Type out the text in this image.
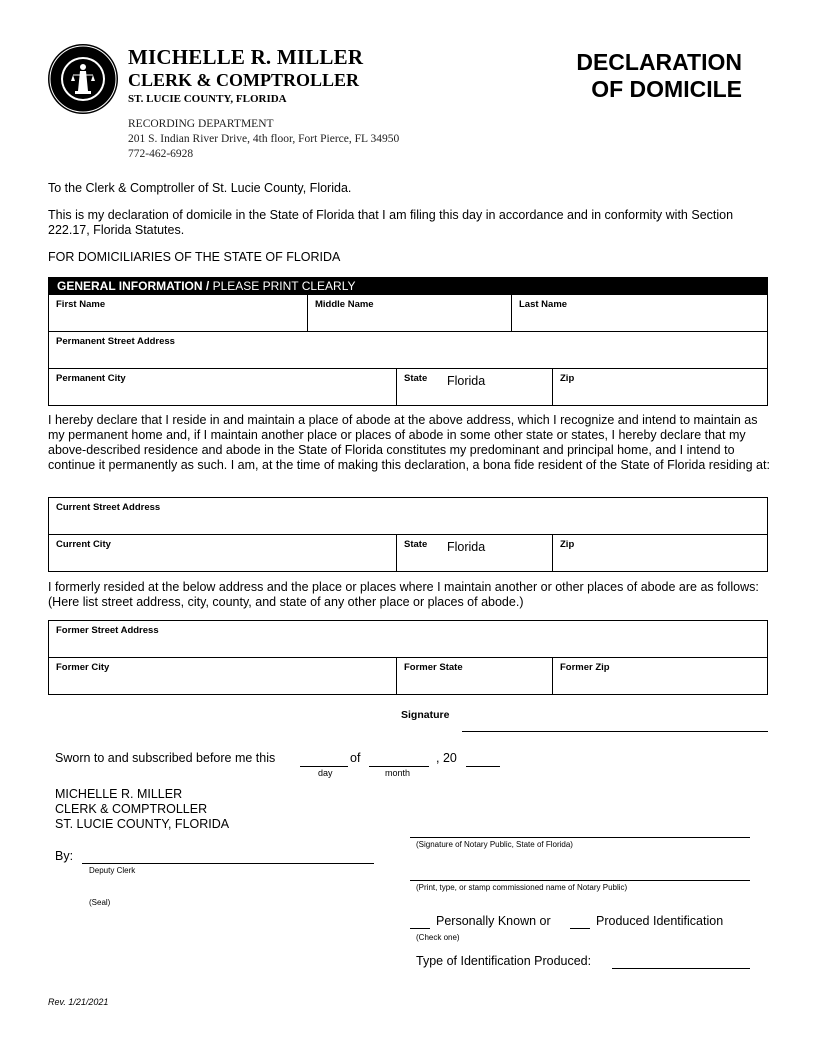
MICHELLE R. MILLER
CLERK & COMPTROLLER
ST. LUCIE COUNTY, FLORIDA
RECORDING DEPARTMENT
201 S. Indian River Drive, 4th floor, Fort Pierce, FL 34950
772-462-6928
DECLARATION
OF DOMICILE
To the Clerk & Comptroller of St. Lucie County, Florida.
This is my declaration of domicile in the State of Florida that I am filing this day in accordance and in conformity with Section 222.17, Florida Statutes.
FOR DOMICILIARIES OF THE STATE OF FLORIDA
GENERAL INFORMATION / PLEASE PRINT CLEARLY
First Name	Middle Name	Last Name
Permanent Street Address
Permanent City	State Florida	Zip
I hereby declare that I reside in and maintain a place of abode at the above address, which I recognize and intend to maintain as my permanent home and, if I maintain another place or places of abode in some other state or states, I hereby declare that my above-described residence and abode in the State of Florida constitutes my predominant and principal home, and I intend to continue it permanently as such. I am, at the time of making this declaration, a bona fide resident of the State of Florida residing at:
Current Street Address
Current City	State Florida	Zip
I formerly resided at the below address and the place or places where I maintain another or other places of abode are as follows: (Here list street address, city, county, and state of any other place or places of abode.)
Former Street Address
Former City	Former State	Former Zip
Signature
Sworn to and subscribed before me this	of	, 20
day	month
MICHELLE R. MILLER
CLERK & COMPTROLLER
ST. LUCIE COUNTY, FLORIDA
By:
Deputy Clerk
(Seal)
(Signature of Notary Public, State of Florida)
(Print, type, or stamp commissioned name of Notary Public)
Personally Known or	Produced Identification
(Check one)
Type of Identification Produced:
Rev. 1/21/2021
